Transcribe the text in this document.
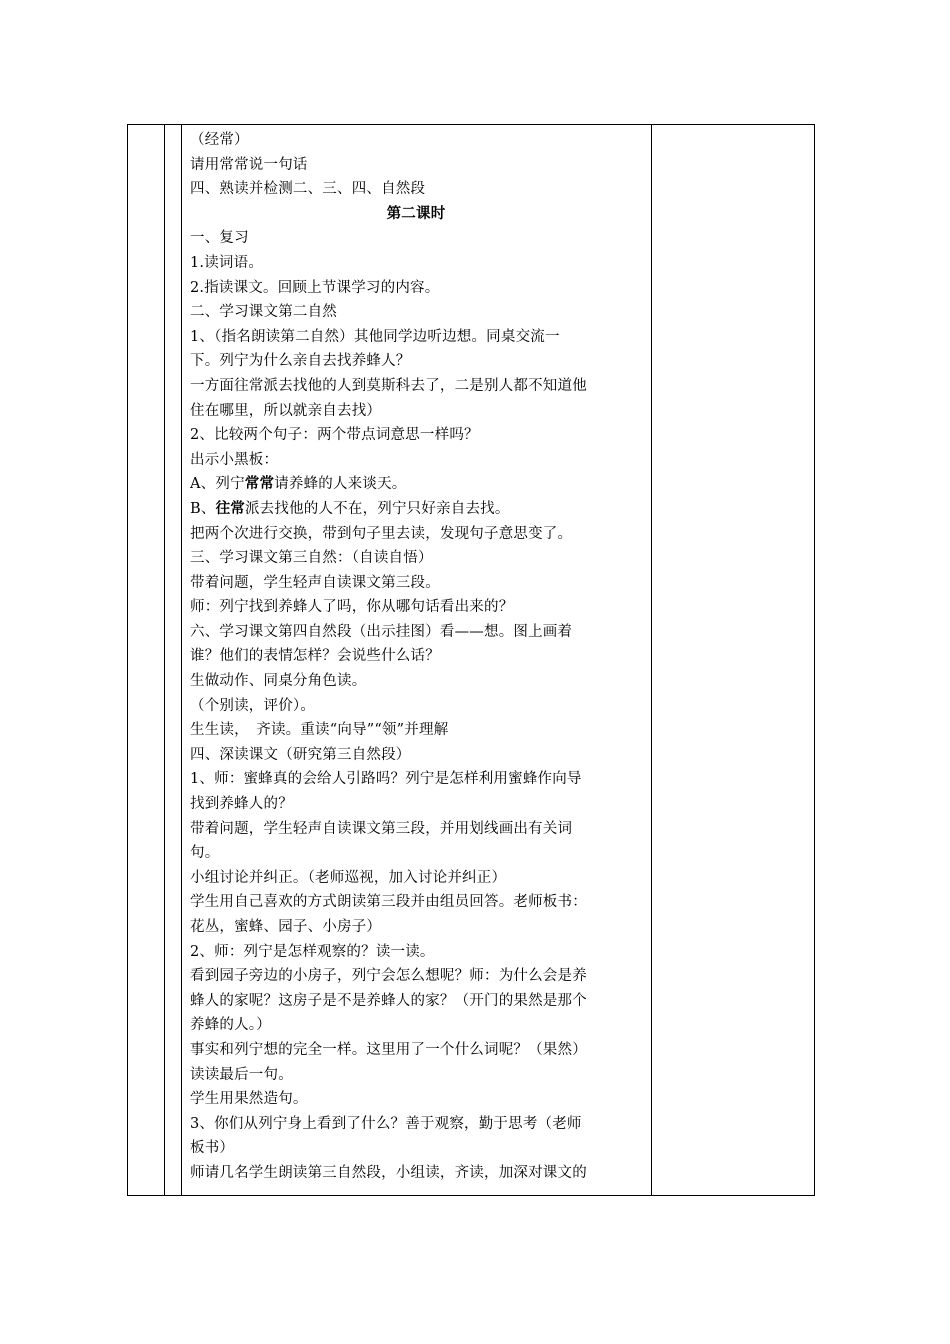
（经常）
请用常常说一句话
四、熟读并检测二、三、四、自然段
第二课时
一、复习
1.读词语。
2.指读课文。回顾上节课学习的内容。
二、学习课文第二自然
1、（指名朗读第二自然）其他同学边听边想。同桌交流一
下。列宁为什么亲自去找养蜂人？
一方面往常派去找他的人到莫斯科去了，二是别人都不知道他
住在哪里，所以就亲自去找）
2、比较两个句子：两个带点词意思一样吗？
出示小黑板：
A、列宁常常请养蜂的人来谈天。
B、往常派去找他的人不在，列宁只好亲自去找。
把两个次进行交换，带到句子里去读，发现句子意思变了。
三、学习课文第三自然：（自读自悟）
带着问题，学生轻声自读课文第三段。
师：列宁找到养蜂人了吗，你从哪句话看出来的？
六、学习课文第四自然段（出示挂图）看——想。图上画着
谁？他们的表情怎样？会说些什么话？
生做动作、同桌分角色读。
（个别读，评价）。
生生读，　齐读。重读“向导”“领”并理解
四、深读课文（研究第三自然段）
1、师：蜜蜂真的会给人引路吗？列宁是怎样利用蜜蜂作向导
找到养蜂人的？
带着问题，学生轻声自读课文第三段，并用划线画出有关词
句。
小组讨论并纠正。（老师巡视，加入讨论并纠正）
学生用自己喜欢的方式朗读第三段并由组员回答。老师板书：
花丛，蜜蜂、园子、小房子）
2、师：列宁是怎样观察的？读一读。
看到园子旁边的小房子，列宁会怎么想呢？师：为什么会是养
蜂人的家呢？这房子是不是养蜂人的家？（开门的果然是那个
养蜂的人。）
事实和列宁想的完全一样。这里用了一个什么词呢？（果然）
读读最后一句。
学生用果然造句。
3、你们从列宁身上看到了什么？善于观察，勤于思考（老师
板书）
师请几名学生朗读第三自然段，小组读，齐读，加深对课文的
